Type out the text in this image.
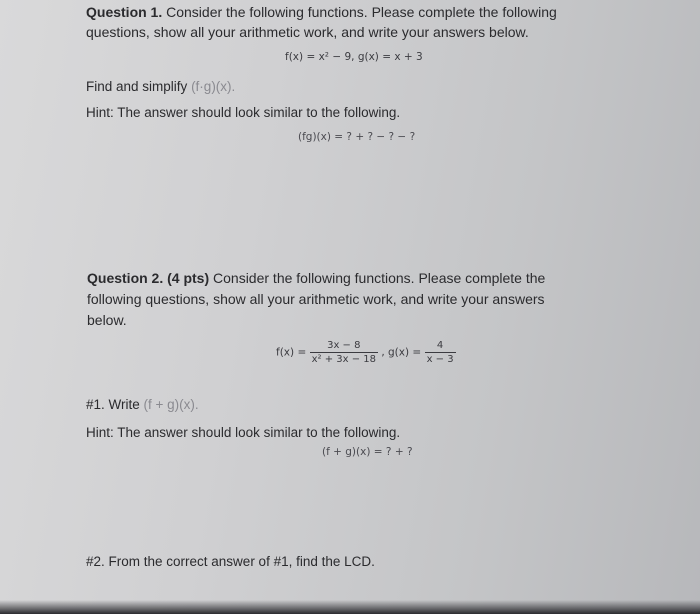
Question 1. Consider the following functions. Please complete the following
questions, show all your arithmetic work, and write your answers below.
f(x) = x² − 9, g(x) = x + 3
Find and simplify (f·g)(x).
Hint: The answer should look similar to the following.
(fg)(x) = ? + ? − ? − ?
Question 2. (4 pts) Consider the following functions. Please complete the
following questions, show all your arithmetic work, and write your answers
below.
$f(x) = \frac{3x - 8}{\text{x² + 3x − 18}}$ , $g(x) = \frac{4}{x - 3}$
#1. Write (f + g)(x).
Hint: The answer should look similar to the following.
(f + g)(x) = ? + ?
#2. From the correct answer of #1, find the LCD.
